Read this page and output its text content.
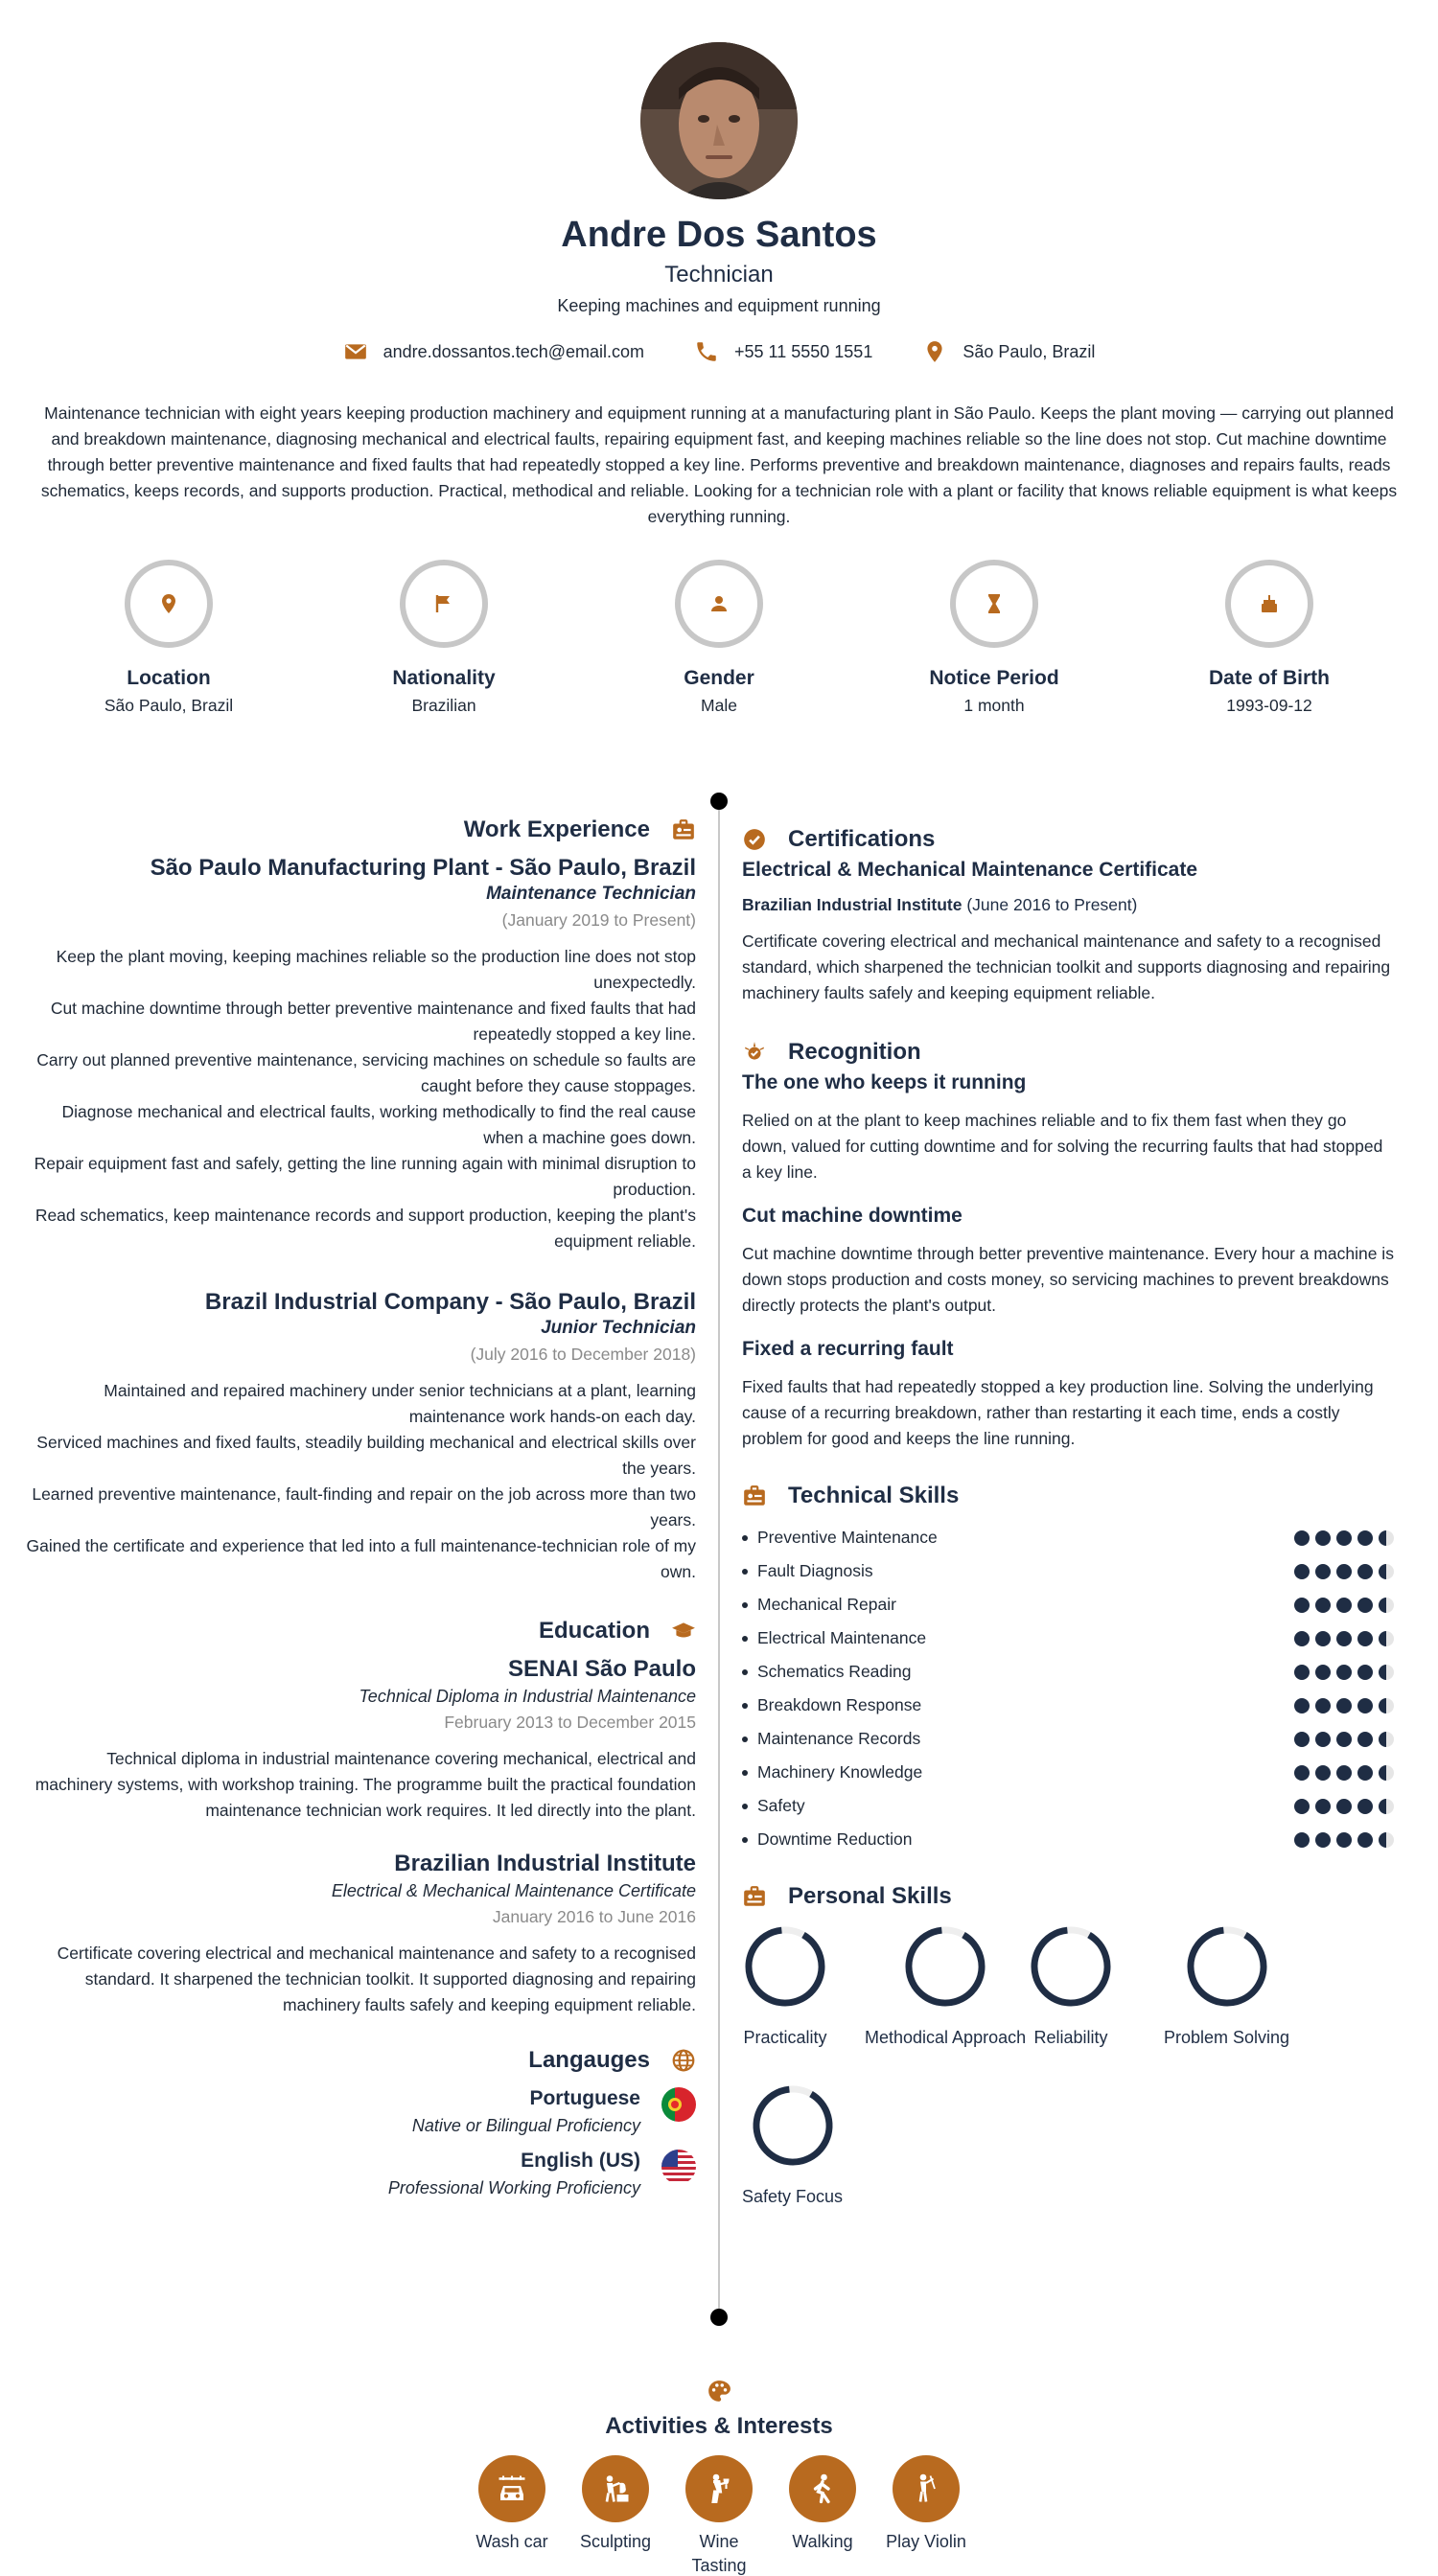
Andre Dos Santos
Technician
Keeping machines and equipment running
andre.dossantos.tech@email.com	+55 11 5550 1551	São Paulo, Brazil
Maintenance technician with eight years keeping production machinery and equipment running at a manufacturing plant in São Paulo. Keeps the plant moving — carrying out planned and breakdown maintenance, diagnosing mechanical and electrical faults, repairing equipment fast, and keeping machines reliable so the line does not stop. Cut machine downtime through better preventive maintenance and fixed faults that had repeatedly stopped a key line. Performs preventive and breakdown maintenance, diagnoses and repairs faults, reads schematics, keeps records, and supports production. Practical, methodical and reliable. Looking for a technician role with a plant or facility that knows reliable equipment is what keeps everything running.
Location
São Paulo, Brazil
Nationality
Brazilian
Gender
Male
Notice Period
1 month
Date of Birth
1993-09-12
Work Experience
São Paulo Manufacturing Plant - São Paulo, Brazil
Maintenance Technician
(January 2019 to Present)
Keep the plant moving, keeping machines reliable so the production line does not stop unexpectedly.
Cut machine downtime through better preventive maintenance and fixed faults that had repeatedly stopped a key line.
Carry out planned preventive maintenance, servicing machines on schedule so faults are caught before they cause stoppages.
Diagnose mechanical and electrical faults, working methodically to find the real cause when a machine goes down.
Repair equipment fast and safely, getting the line running again with minimal disruption to production.
Read schematics, keep maintenance records and support production, keeping the plant's equipment reliable.
Brazil Industrial Company - São Paulo, Brazil
Junior Technician
(July 2016 to December 2018)
Maintained and repaired machinery under senior technicians at a plant, learning maintenance work hands-on each day.
Serviced machines and fixed faults, steadily building mechanical and electrical skills over the years.
Learned preventive maintenance, fault-finding and repair on the job across more than two years.
Gained the certificate and experience that led into a full maintenance-technician role of my own.
Education
SENAI São Paulo
Technical Diploma in Industrial Maintenance
February 2013 to December 2015
Technical diploma in industrial maintenance covering mechanical, electrical and machinery systems, with workshop training. The programme built the practical foundation maintenance technician work requires. It led directly into the plant.
Brazilian Industrial Institute
Electrical & Mechanical Maintenance Certificate
January 2016 to June 2016
Certificate covering electrical and mechanical maintenance and safety to a recognised standard. It sharpened the technician toolkit. It supported diagnosing and repairing machinery faults safely and keeping equipment reliable.
Langauges
Portuguese
Native or Bilingual Proficiency
English (US)
Professional Working Proficiency
Certifications
Electrical & Mechanical Maintenance Certificate
Brazilian Industrial Institute (June 2016 to Present)
Certificate covering electrical and mechanical maintenance and safety to a recognised standard, which sharpened the technician toolkit and supports diagnosing and repairing machinery faults safely and keeping equipment reliable.
Recognition
The one who keeps it running
Relied on at the plant to keep machines reliable and to fix them fast when they go down, valued for cutting downtime and for solving the recurring faults that had stopped a key line.
Cut machine downtime
Cut machine downtime through better preventive maintenance. Every hour a machine is down stops production and costs money, so servicing machines to prevent breakdowns directly protects the plant's output.
Fixed a recurring fault
Fixed faults that had repeatedly stopped a key production line. Solving the underlying cause of a recurring breakdown, rather than restarting it each time, ends a costly problem for good and keeps the line running.
Technical Skills
Preventive Maintenance
Fault Diagnosis
Mechanical Repair
Electrical Maintenance
Schematics Reading
Breakdown Response
Maintenance Records
Machinery Knowledge
Safety
Downtime Reduction
Personal Skills
Practicality Methodical Approach Reliability	Problem Solving
Safety Focus
Activities & Interests
Wash car	Sculpting	Wine Tasting
Walking	Play Violin
